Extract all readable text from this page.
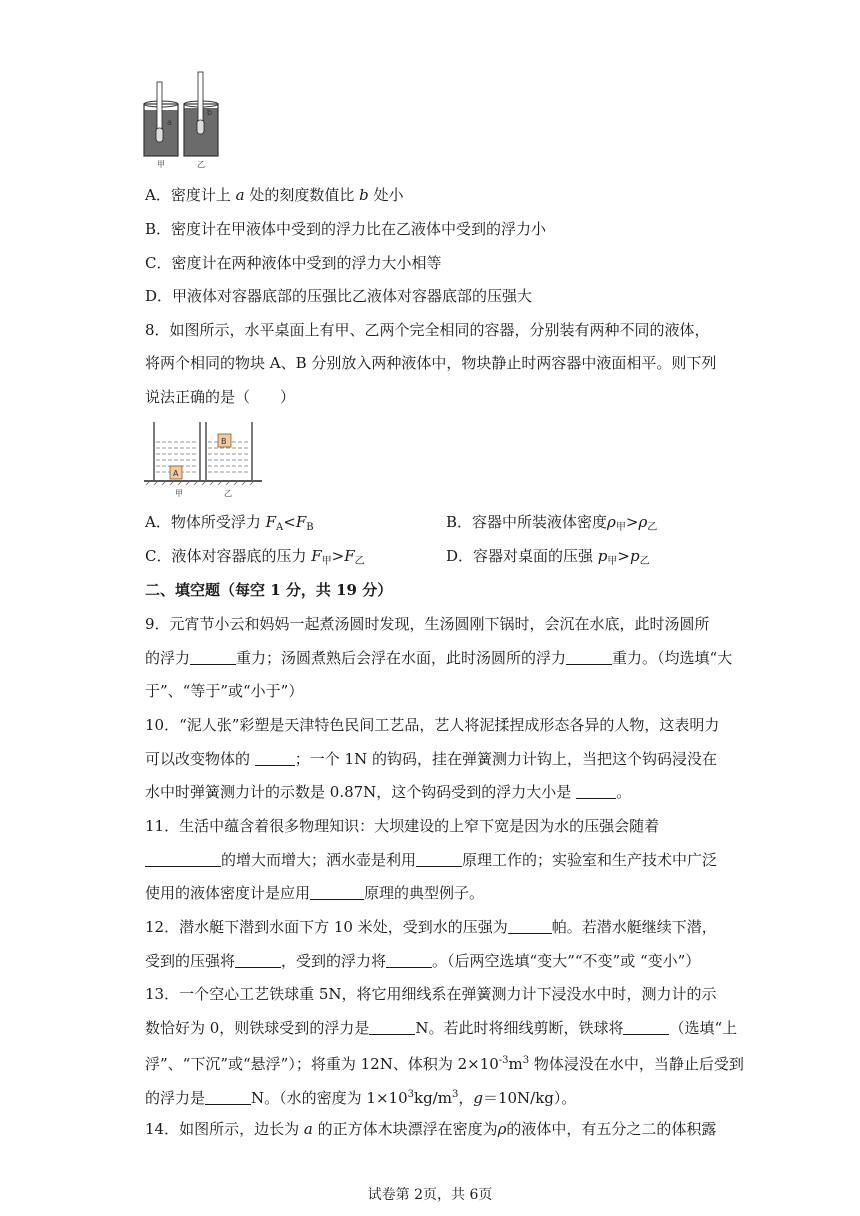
a
b
甲	乙
A．密度计上 a 处的刻度数值比 b 处小
B．密度计在甲液体中受到的浮力比在乙液体中受到的浮力小
C．密度计在两种液体中受到的浮力大小相等
D．甲液体对容器底部的压强比乙液体对容器底部的压强大
8．如图所示，水平桌面上有甲、乙两个完全相同的容器，分别装有两种不同的液体，
将两个相同的物块 A、B 分别放入两种液体中，物块静止时两容器中液面相平。则下列
说法正确的是（　　）
A
B
甲	乙
A．物体所受浮力 $F_A<F_B$	B．容器中所装液体密度$\rho_甲>\rho_乙$
C．液体对容器底的压力 $F_甲>F_乙$	D．容器对桌面的压强 $p_甲>p_乙$
二、填空题（每空 1 分，共 19 分）
9．元宵节小云和妈妈一起煮汤圆时发现，生汤圆刚下锅时，会沉在水底，此时汤圆所
的浮力	重力；汤圆煮熟后会浮在水面，此时汤圆所的浮力	重力。（均选填“大
于”、“等于”或“小于”）
10．“泥人张”彩塑是天津特色民间工艺品，艺人将泥揉捏成形态各异的人物，这表明力
可以改变物体的	；一个 1N 的钩码，挂在弹簧测力计钩上，当把这个钩码浸没在
水中时弹簧测力计的示数是 0.87N，这个钩码受到的浮力大小是	。
11．生活中蕴含着很多物理知识：大坝建设的上窄下宽是因为水的压强会随着
的增大而增大；洒水壶是利用	原理工作的；实验室和生产技术中广泛
使用的液体密度计是应用	原理的典型例子。
12．潜水艇下潜到水面下方 10 米处，受到水的压强为	帕。若潜水艇继续下潜，
受到的压强将	，受到的浮力将	。（后两空选填“变大”“不变”或 “变小”）
13．一个空心工艺铁球重 5N，将它用细线系在弹簧测力计下浸没水中时，测力计的示
数恰好为 0，则铁球受到的浮力是	N。若此时将细线剪断，铁球将	（选填“上
浮”、“下沉”或“悬浮”）；将重为 12N、体积为 $2\times 10^{-3}m^3$ 物体浸没在水中，当静止后受到
的浮力是	N。（水的密度为 $1\times 10^3kg/m^3$，g＝10N/kg）。
14．如图所示，边长为 a 的正方体木块漂浮在密度为ρ的液体中，有五分之二的体积露
试卷第 2页，共 6页
